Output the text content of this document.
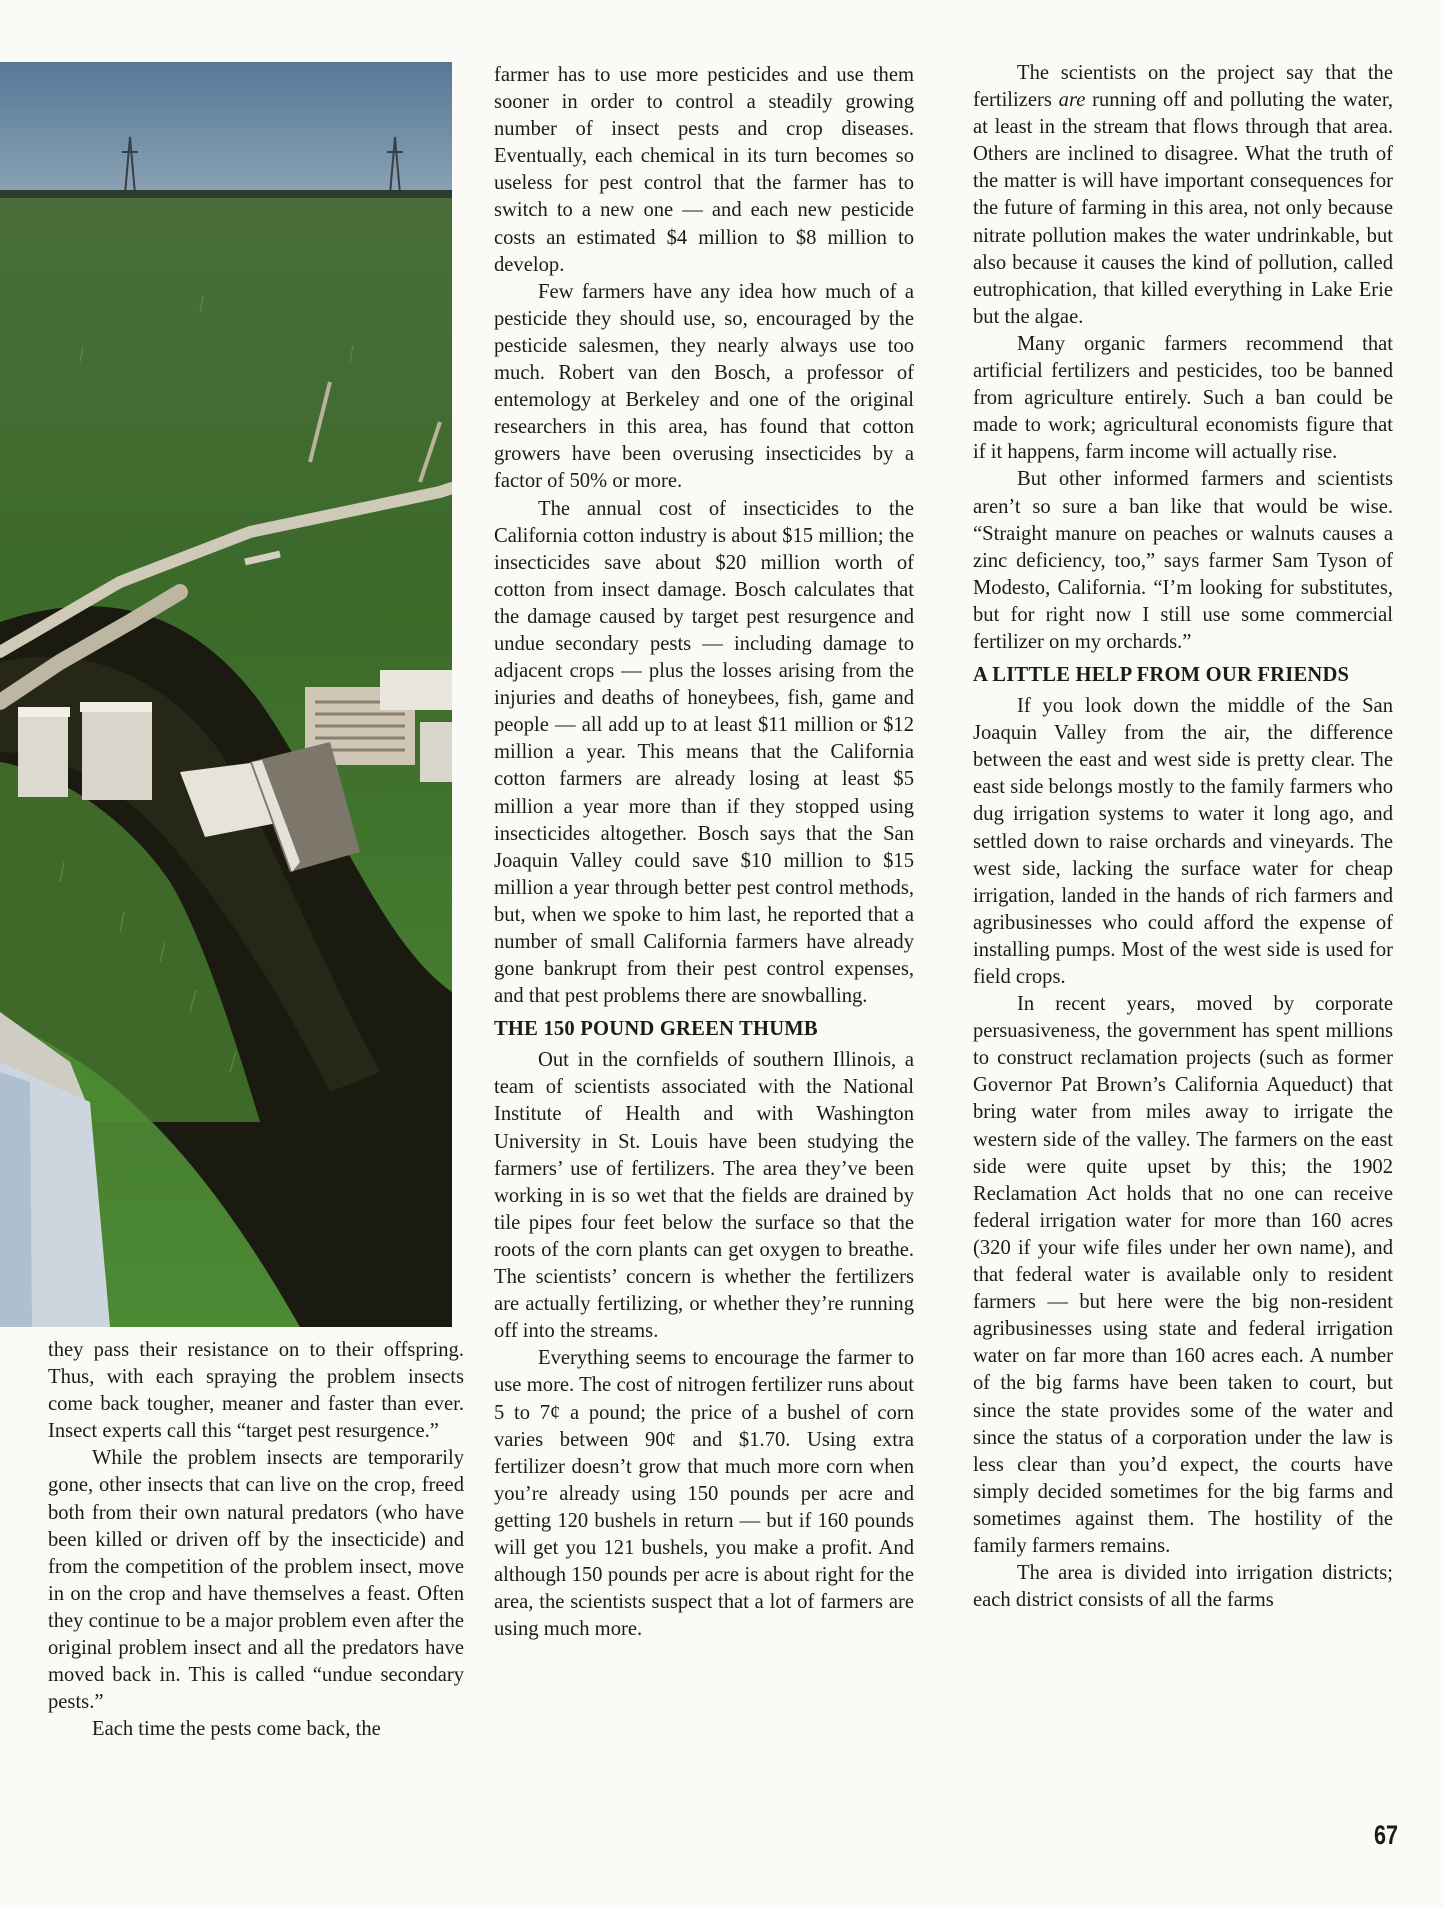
they pass their resistance on to their offspring. Thus, with each spraying the problem insects come back tougher, meaner and faster than ever. Insect experts call this “target pest resurgence.”

While the problem insects are temporarily gone, other insects that can live on the crop, freed both from their own natural predators (who have been killed or driven off by the insecticide) and from the competition of the problem insect, move in on the crop and have themselves a feast. Often they continue to be a major problem even after the original problem insect and all the predators have moved back in. This is called “undue secondary pests.”

Each time the pests come back, the

farmer has to use more pesticides and use them sooner in order to control a steadily growing number of insect pests and crop diseases. Eventually, each chemical in its turn becomes so useless for pest control that the farmer has to switch to a new one — and each new pesticide costs an estimated $4 million to $8 million to develop.

Few farmers have any idea how much of a pesticide they should use, so, encouraged by the pesticide salesmen, they nearly always use too much. Robert van den Bosch, a professor of entemology at Berkeley and one of the original researchers in this area, has found that cotton growers have been overusing insecticides by a factor of 50% or more.

The annual cost of insecticides to the California cotton industry is about $15 million; the insecticides save about $20 million worth of cotton from insect damage. Bosch calculates that the damage caused by target pest resurgence and undue secondary pests — including damage to adjacent crops — plus the losses arising from the injuries and deaths of honeybees, fish, game and people — all add up to at least $11 million or $12 million a year. This means that the California cotton farmers are already losing at least $5 million a year more than if they stopped using insecticides altogether. Bosch says that the San Joaquin Valley could save $10 million to $15 million a year through better pest control methods, but, when we spoke to him last, he reported that a number of small California farmers have already gone bankrupt from their pest control expenses, and that pest problems there are snowballing.

THE 150 POUND GREEN THUMB

Out in the cornfields of southern Illinois, a team of scientists associated with the National Institute of Health and with Washington University in St. Louis have been studying the farmers’ use of fertilizers. The area they’ve been working in is so wet that the fields are drained by tile pipes four feet below the surface so that the roots of the corn plants can get oxygen to breathe. The scientists’ concern is whether the fertilizers are actually fertilizing, or whether they’re running off into the streams.

Everything seems to encourage the farmer to use more. The cost of nitrogen fertilizer runs about 5 to 7¢ a pound; the price of a bushel of corn varies between 90¢ and $1.70. Using extra fertilizer doesn’t grow that much more corn when you’re already using 150 pounds per acre and getting 120 bushels in return — but if 160 pounds will get you 121 bushels, you make a profit. And although 150 pounds per acre is about right for the area, the scientists suspect that a lot of farmers are using much more.

The scientists on the project say that the fertilizers are running off and polluting the water, at least in the stream that flows through that area. Others are inclined to disagree. What the truth of the matter is will have important consequences for the future of farming in this area, not only because nitrate pollution makes the water undrinkable, but also because it causes the kind of pollution, called eutrophication, that killed everything in Lake Erie but the algae.

Many organic farmers recommend that artificial fertilizers and pesticides, too be banned from agriculture entirely. Such a ban could be made to work; agricultural economists figure that if it happens, farm income will actually rise.

But other informed farmers and scientists aren’t so sure a ban like that would be wise. “Straight manure on peaches or walnuts causes a zinc deficiency, too,” says farmer Sam Tyson of Modesto, California. “I’m looking for substitutes, but for right now I still use some commercial fertilizer on my orchards.”

A LITTLE HELP FROM OUR FRIENDS

If you look down the middle of the San Joaquin Valley from the air, the difference between the east and west side is pretty clear. The east side belongs mostly to the family farmers who dug irrigation systems to water it long ago, and settled down to raise orchards and vineyards. The west side, lacking the surface water for cheap irrigation, landed in the hands of rich farmers and agribusinesses who could afford the expense of installing pumps. Most of the west side is used for field crops.

In recent years, moved by corporate persuasiveness, the government has spent millions to construct reclamation projects (such as former Governor Pat Brown’s California Aqueduct) that bring water from miles away to irrigate the western side of the valley. The farmers on the east side were quite upset by this; the 1902 Reclamation Act holds that no one can receive federal irrigation water for more than 160 acres (320 if your wife files under her own name), and that federal water is available only to resident farmers — but here were the big non-resident agribusinesses using state and federal irrigation water on far more than 160 acres each. A number of the big farms have been taken to court, but since the state provides some of the water and since the status of a corporation under the law is less clear than you’d expect, the courts have simply decided sometimes for the big farms and sometimes against them. The hostility of the family farmers remains.

The area is divided into irrigation districts; each district consists of all the farms

67
